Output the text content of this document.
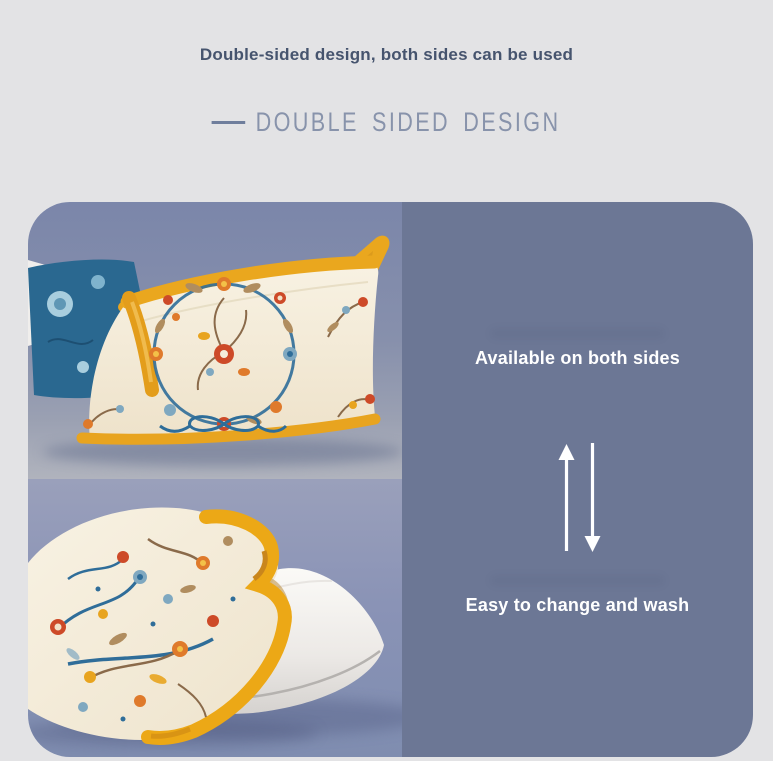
Double-sided design, both sides can be used

DOUBLE SIDED DESIGN

Available on both sides

Easy to change and wash
